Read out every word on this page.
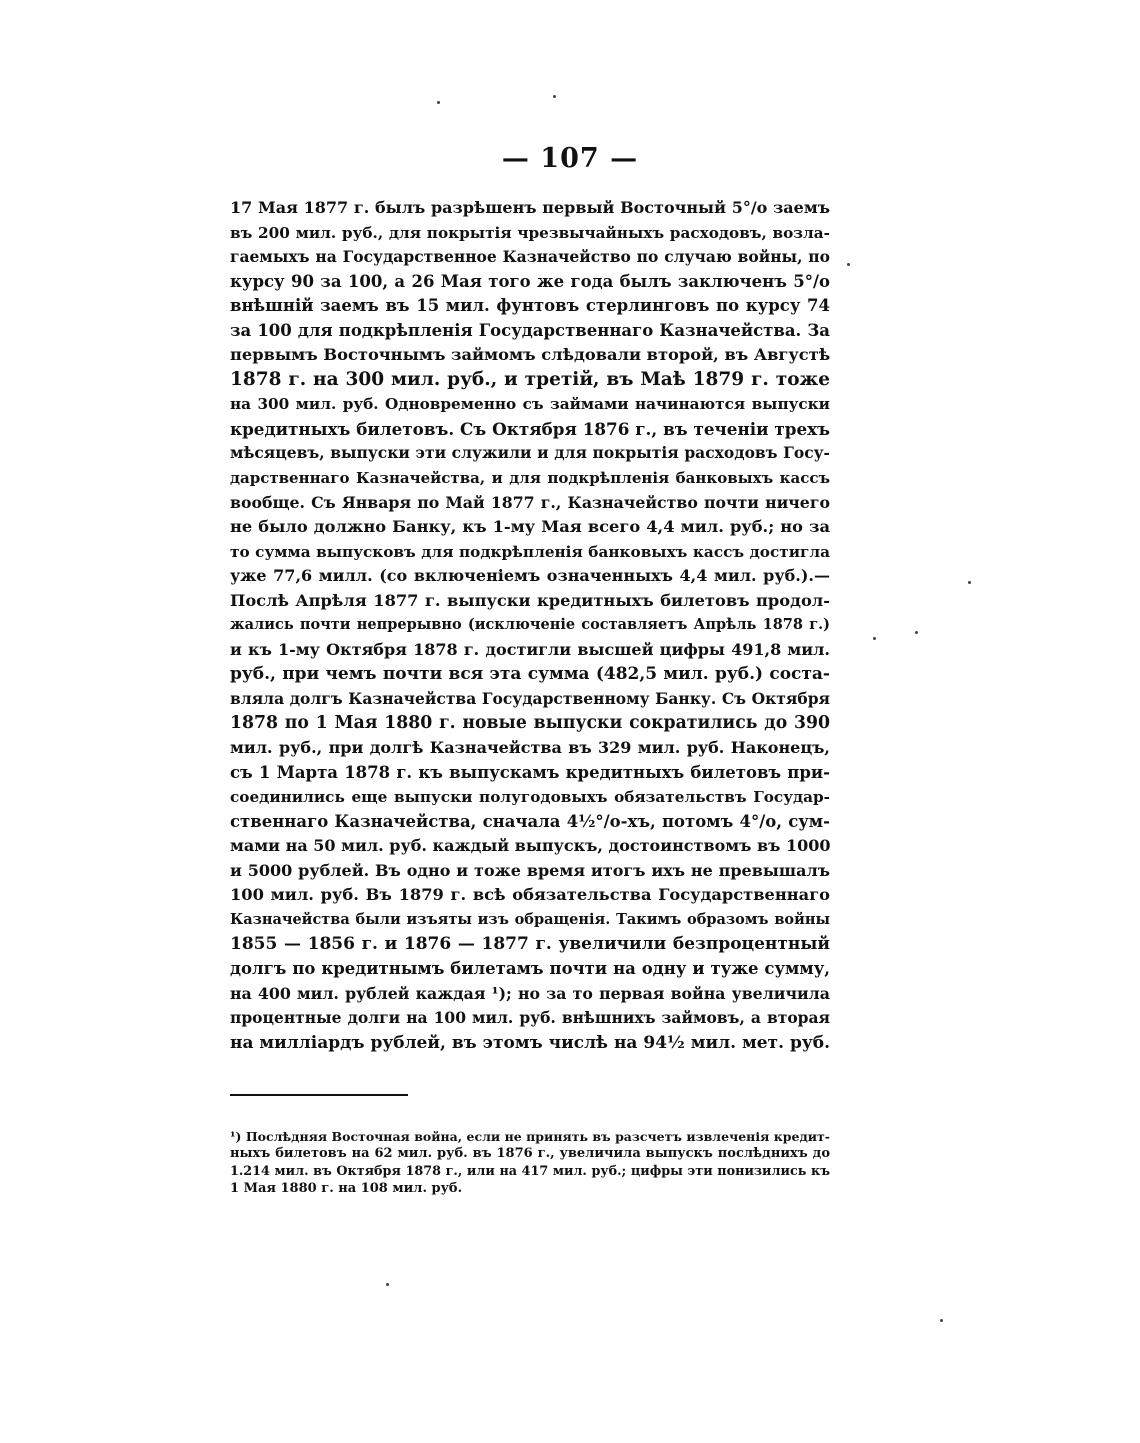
— 107 —
17 Мая 1877 г. былъ разрѣшенъ первый Восточный 5°/o заемъ
въ 200 мил. руб., для покрытія чрезвычайныхъ расходовъ, возла-
гаемыхъ на Государственное Казначейство по случаю войны, по
курсу 90 за 100, а 26 Мая того же года былъ заключенъ 5°/o
внѣшній заемъ въ 15 мил. фунтовъ стерлинговъ по курсу 74
за 100 для подкрѣпленія Государственнаго Казначейства. За
первымъ Восточнымъ займомъ слѣдовали второй, въ Августѣ
1878 г. на 300 мил. руб., и третій, въ Маѣ 1879 г. тоже
на 300 мил. руб. Одновременно съ займами начинаются выпуски
кредитныхъ билетовъ. Съ Октября 1876 г., въ теченіи трехъ
мѣсяцевъ, выпуски эти служили и для покрытія расходовъ Госу-
дарственнаго Казначейства, и для подкрѣпленія банковыхъ кассъ
вообще. Съ Января по Май 1877 г., Казначейство почти ничего
не было должно Банку, къ 1-му Мая всего 4,4 мил. руб.; но за
то сумма выпусковъ для подкрѣпленія банковыхъ кассъ достигла
уже 77,6 милл. (со включеніемъ означенныхъ 4,4 мил. руб.).—
Послѣ Апрѣля 1877 г. выпуски кредитныхъ билетовъ продол-
жались почти непрерывно (исключеніе составляетъ Апрѣль 1878 г.)
и къ 1-му Октября 1878 г. достигли высшей цифры 491,8 мил.
руб., при чемъ почти вся эта сумма (482,5 мил. руб.) соста-
вляла долгъ Казначейства Государственному Банку. Съ Октября
1878 по 1 Мая 1880 г. новые выпуски сократились до 390
мил. руб., при долгѣ Казначейства въ 329 мил. руб. Наконецъ,
съ 1 Марта 1878 г. къ выпускамъ кредитныхъ билетовъ при-
соединились еще выпуски полугодовыхъ обязательствъ Государ-
ственнаго Казначейства, сначала 4½°/o-хъ, потомъ 4°/o, сум-
мами на 50 мил. руб. каждый выпускъ, достоинствомъ въ 1000
и 5000 рублей. Въ одно и тоже время итогъ ихъ не превышалъ
100 мил. руб. Въ 1879 г. всѣ обязательства Государственнаго
Казначейства были изъяты изъ обращенія. Такимъ образомъ войны
1855 — 1856 г. и 1876 — 1877 г. увеличили безпроцентный
долгъ по кредитнымъ билетамъ почти на одну и туже сумму,
на 400 мил. рублей каждая ¹); но за то первая война увеличила
процентные долги на 100 мил. руб. внѣшнихъ займовъ, а вторая
на милліардъ рублей, въ этомъ числѣ на 94½ мил. мет. руб.
¹) Послѣдняя Восточная война, если не принять въ разсчетъ извлеченія кредит-
ныхъ билетовъ на 62 мил. руб. въ 1876 г., увеличила выпускъ послѣднихъ до
1.214 мил. въ Октября 1878 г., или на 417 мил. руб.; цифры эти понизились къ
1 Мая 1880 г. на 108 мил. руб.
